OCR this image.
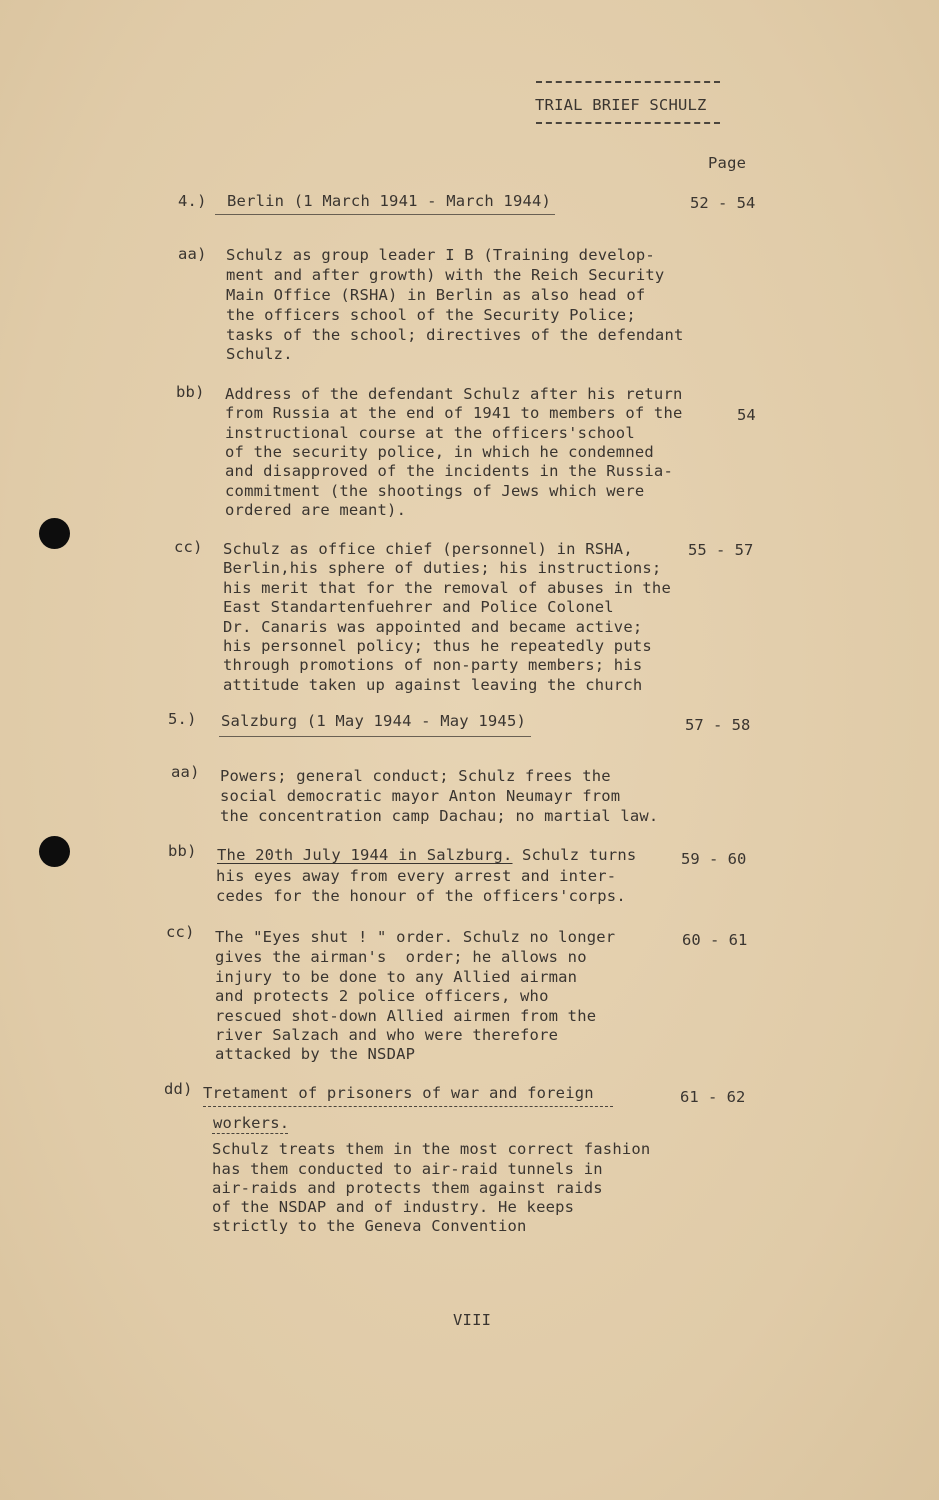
TRIAL BRIEF SCHULZ
Page
4.) Berlin (1 March 1941 - March 1944)	52 - 54
aa) Schulz as group leader I B (Training develop-
ment and after growth) with the Reich Security
Main Office (RSHA) in Berlin as also head of
the officers school of the Security Police;
tasks of the school; directives of the defendant
Schulz.
bb) Address of the defendant Schulz after his return
from Russia at the end of 1941 to members of the
instructional course at the officers'school
of the security police, in which he condemned
and disapproved of the incidents in the Russia-
commitment (the shootings of Jews which were
ordered are meant).
54
cc) Schulz as office chief (personnel) in RSHA,
Berlin,his sphere of duties; his instructions;
his merit that for the removal of abuses in the
East Standartenfuehrer and Police Colonel
Dr. Canaris was appointed and became active;
his personnel policy; thus he repeatedly puts
through promotions of non-party members; his
attitude taken up against leaving the church
55 - 57
5.) Salzburg (1 May 1944 - May 1945)	57 - 58
aa) Powers; general conduct; Schulz frees the
social democratic mayor Anton Neumayr from
the concentration camp Dachau; no martial law.
bb) The 20th July 1944 in Salzburg. Schulz turns
his eyes away from every arrest and inter-
cedes for the honour of the officers'corps.
59 - 60
cc) The "Eyes shut ! " order. Schulz no longer
gives the airman's  order; he allows no
injury to be done to any Allied airman
and protects 2 police officers, who
rescued shot-down Allied airmen from the
river Salzach and who were therefore
attacked by the NSDAP
60 - 61
dd) Tretament of prisoners of war and foreign
workers.
Schulz treats them in the most correct fashion
has them conducted to air-raid tunnels in
air-raids and protects them against raids
of the NSDAP and of industry. He keeps
strictly to the Geneva Convention
61 - 62
VIII
